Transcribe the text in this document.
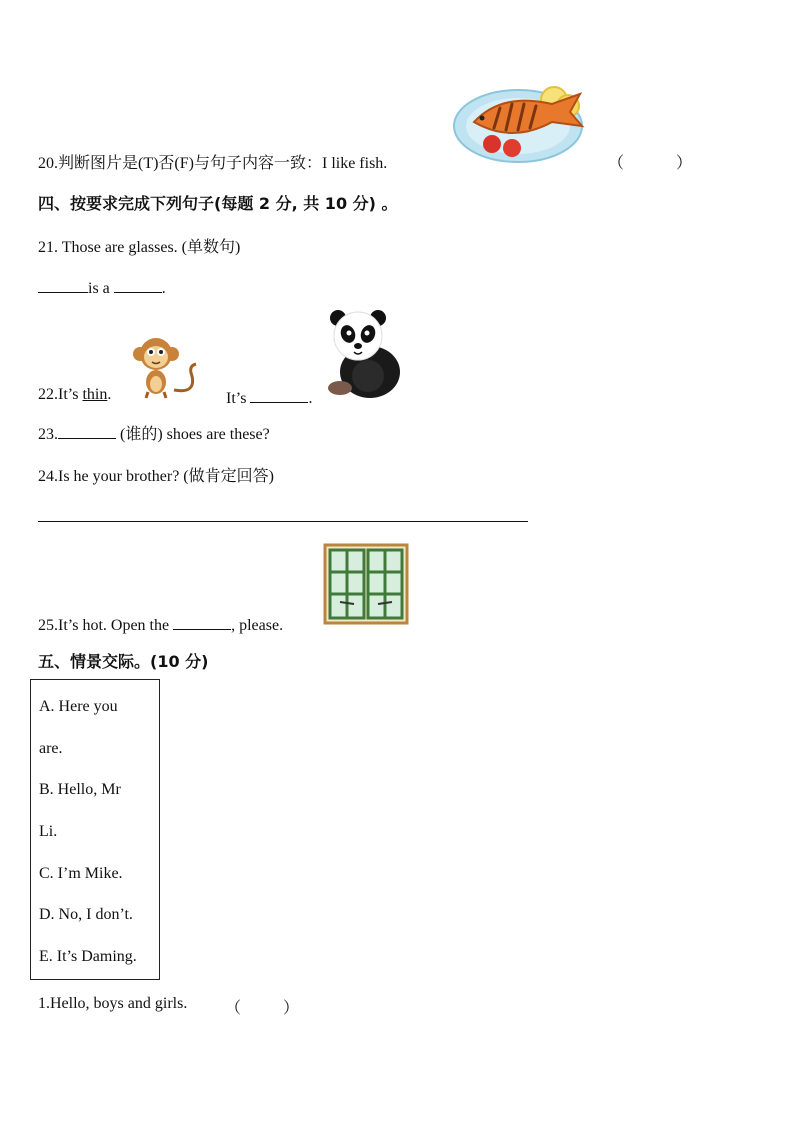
20.判断图片是(T)否(F)与句子内容一致：I like fish.	（	）
四、按要求完成下列句子(每题 2 分, 共 10 分) 。
21. Those are glasses. (单数句)
is a	.
22.It’s thin.	It’s	.
23.	(谁的) shoes are these?
24.Is he your brother? (做肯定回答)
25.It’s hot. Open the	, please.
五、情景交际。(10 分)
A. Here you
are.
B. Hello, Mr
Li.
C. I’m Mike.
D. No, I don’t.
E. It’s Daming.
1.Hello, boys and girls. （	）
